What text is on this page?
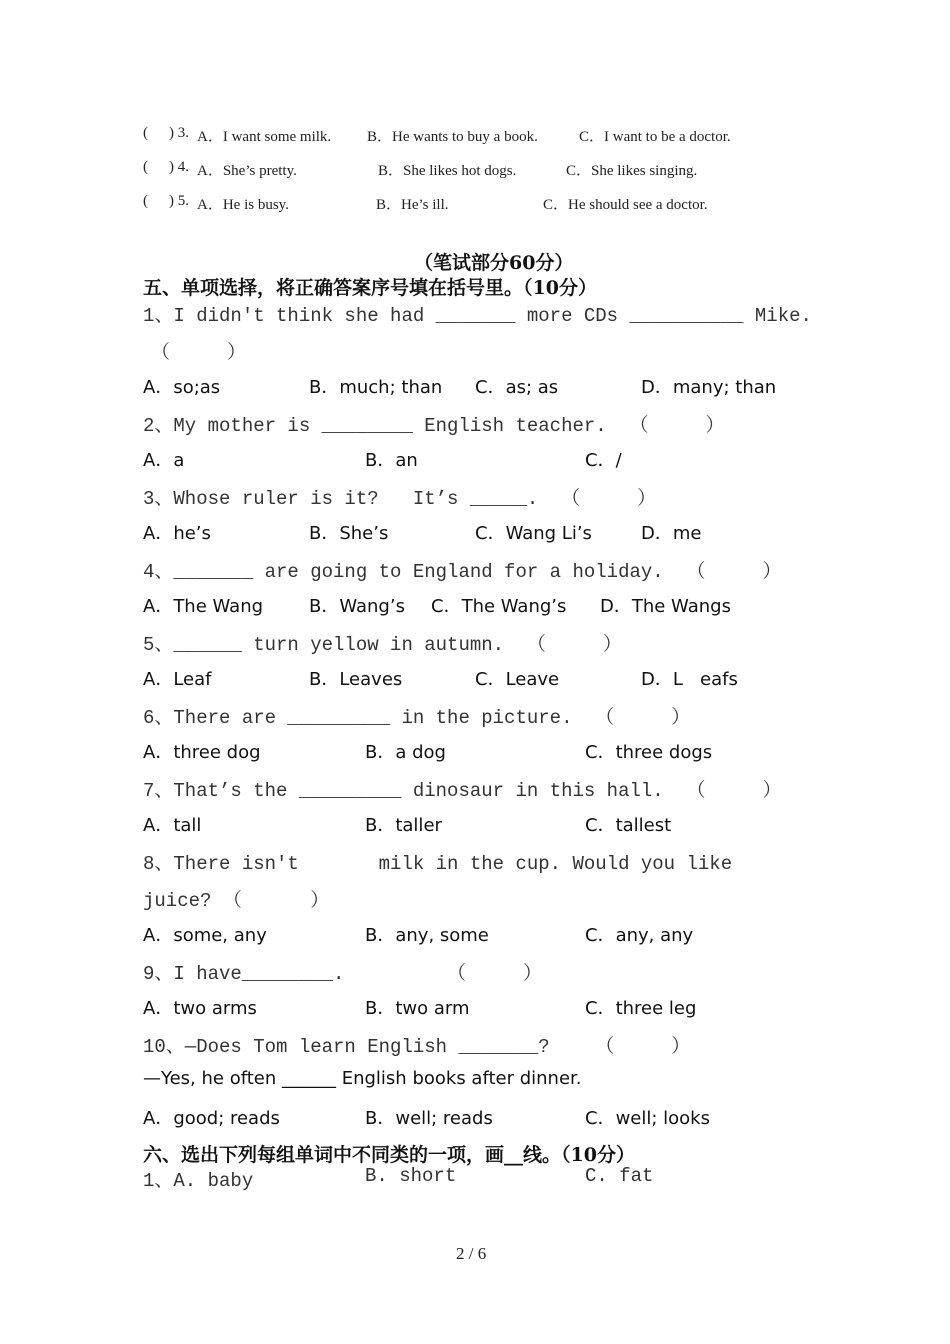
( ) 3. A．I want some milk. B．He wants to buy a book.	C．I want to be a doctor.
( ) 4. A．She’s pretty.	B．She likes hot dogs.	C．She likes singing.
( ) 5. A．He is busy.	B．He’s ill.	C．He should see a doctor.
（笔试部分60分）
五、单项选择，将正确答案序号填在括号里。（10分）
1、I didn't think she had _______ more CDs __________ Mike.
（     ）
A．so;as	B．much; than C．as; as	D．many; than
2、My mother is ________ English teacher.  （     ）
A．a	B．an	C．/
3、Whose ruler is it?   It’s _____.  （     ）
A．he’s	B．She’s	C．Wang Li’s	D．me
4、_______ are going to England for a holiday.  （     ）
A．The Wang	B．Wang’s C．The Wang’s D．The Wangs
5、______ turn yellow in autumn.  （     ）
A．Leaf	B．Leaves	C．Leave	D．L   eafs
6、There are _________ in the picture.  （     ）
A．three dog	B．a dog	C．three dogs
7、That’s the _________ dinosaur in this hall.  （     ）
A．tall	B．taller	C．tallest
8、There isn't       milk in the cup. Would you like
juice? （      ）
A．some, any	B．any, some	C．any, any
9、I have________.         （     ）
A．two arms	B．two arm	C．three leg
10、—Does Tom learn English _______?    （     ）
—Yes, he often ______ English books after dinner.
A．good; reads	B．well; reads	C．well; looks
六、选出下列每组单词中不同类的一项，画__线。（10分）
1、A. baby	B. short	C. fat
2 / 6
